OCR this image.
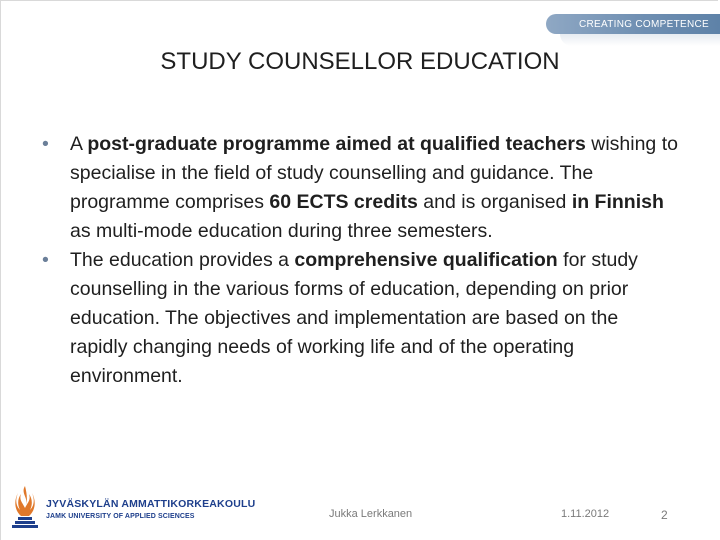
CREATING COMPETENCE
STUDY COUNSELLOR EDUCATION
• A post-graduate programme aimed at qualified teachers wishing to specialise in the field of study counselling and guidance. The programme comprises 60 ECTS credits and is organised in Finnish as multi-mode education during three semesters.
• The education provides a comprehensive qualification for study counselling in the various forms of education, depending on prior education. The objectives and implementation are based on the rapidly changing needs of working life and of the operating environment.
JYVÄSKYLÄN AMMATTIKORKEAKOULU
JAMK UNIVERSITY OF APPLIED SCIENCES	Jukka Lerkkanen	1.11.2012	2
